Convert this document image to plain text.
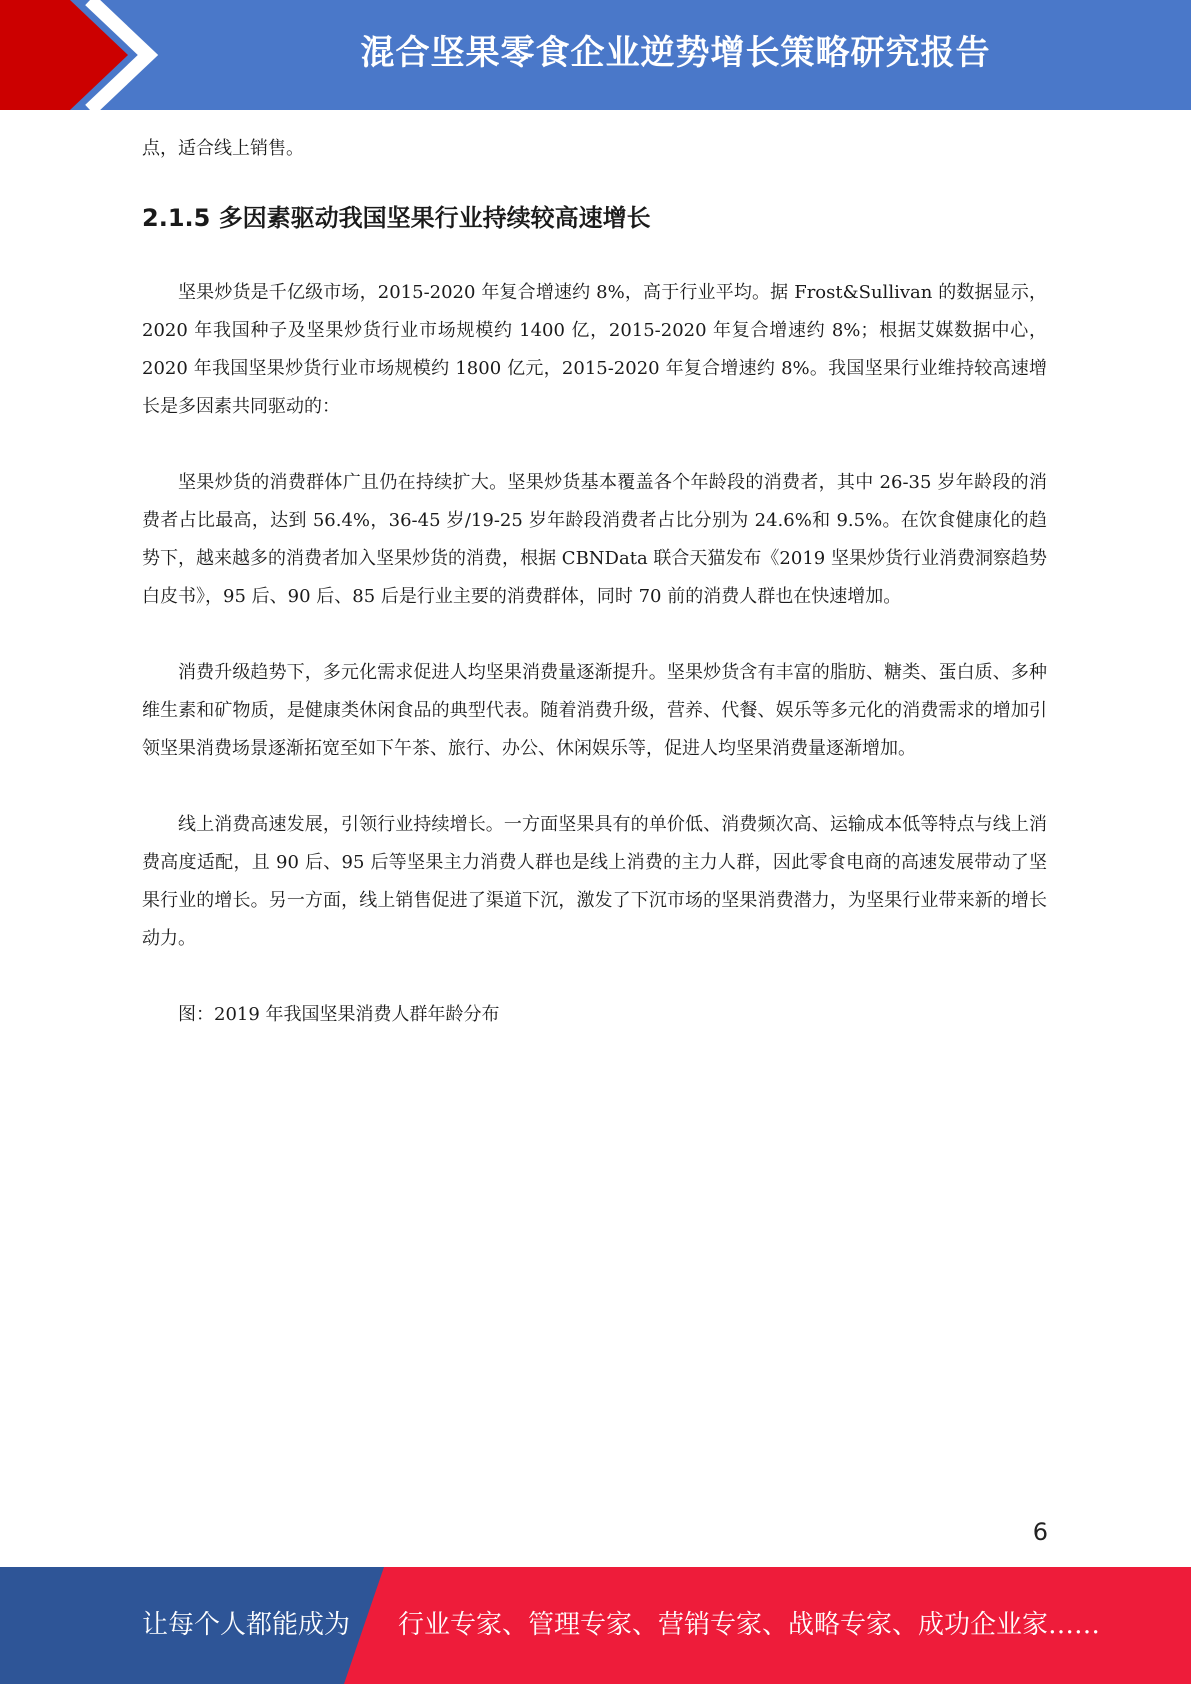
混合坚果零食企业逆势增长策略研究报告

点，适合线上销售。

2.1.5 多因素驱动我国坚果行业持续较高速增长

坚果炒货是千亿级市场，2015-2020 年复合增速约 8%，高于行业平均。据 Frost&Sullivan 的数据显示，2020 年我国种子及坚果炒货行业市场规模约 1400 亿，2015-2020 年复合增速约 8%；根据艾媒数据中心，2020 年我国坚果炒货行业市场规模约 1800 亿元，2015-2020 年复合增速约 8%。我国坚果行业维持较高速增长是多因素共同驱动的：

坚果炒货的消费群体广且仍在持续扩大。坚果炒货基本覆盖各个年龄段的消费者，其中 26-35 岁年龄段的消费者占比最高，达到 56.4%，36-45 岁/19-25 岁年龄段消费者占比分别为 24.6%和 9.5%。在饮食健康化的趋势下，越来越多的消费者加入坚果炒货的消费，根据 CBNData 联合天猫发布《2019 坚果炒货行业消费洞察趋势白皮书》，95 后、90 后、85 后是行业主要的消费群体，同时 70 前的消费人群也在快速增加。

消费升级趋势下，多元化需求促进人均坚果消费量逐渐提升。坚果炒货含有丰富的脂肪、糖类、蛋白质、多种维生素和矿物质，是健康类休闲食品的典型代表。随着消费升级，营养、代餐、娱乐等多元化的消费需求的增加引领坚果消费场景逐渐拓宽至如下午茶、旅行、办公、休闲娱乐等，促进人均坚果消费量逐渐增加。

线上消费高速发展，引领行业持续增长。一方面坚果具有的单价低、消费频次高、运输成本低等特点与线上消费高度适配，且 90 后、95 后等坚果主力消费人群也是线上消费的主力人群，因此零食电商的高速发展带动了坚果行业的增长。另一方面，线上销售促进了渠道下沉，激发了下沉市场的坚果消费潜力，为坚果行业带来新的增长动力。

图：2019 年我国坚果消费人群年龄分布

6
让每个人都能成为 行业专家、管理专家、营销专家、战略专家、成功企业家……
